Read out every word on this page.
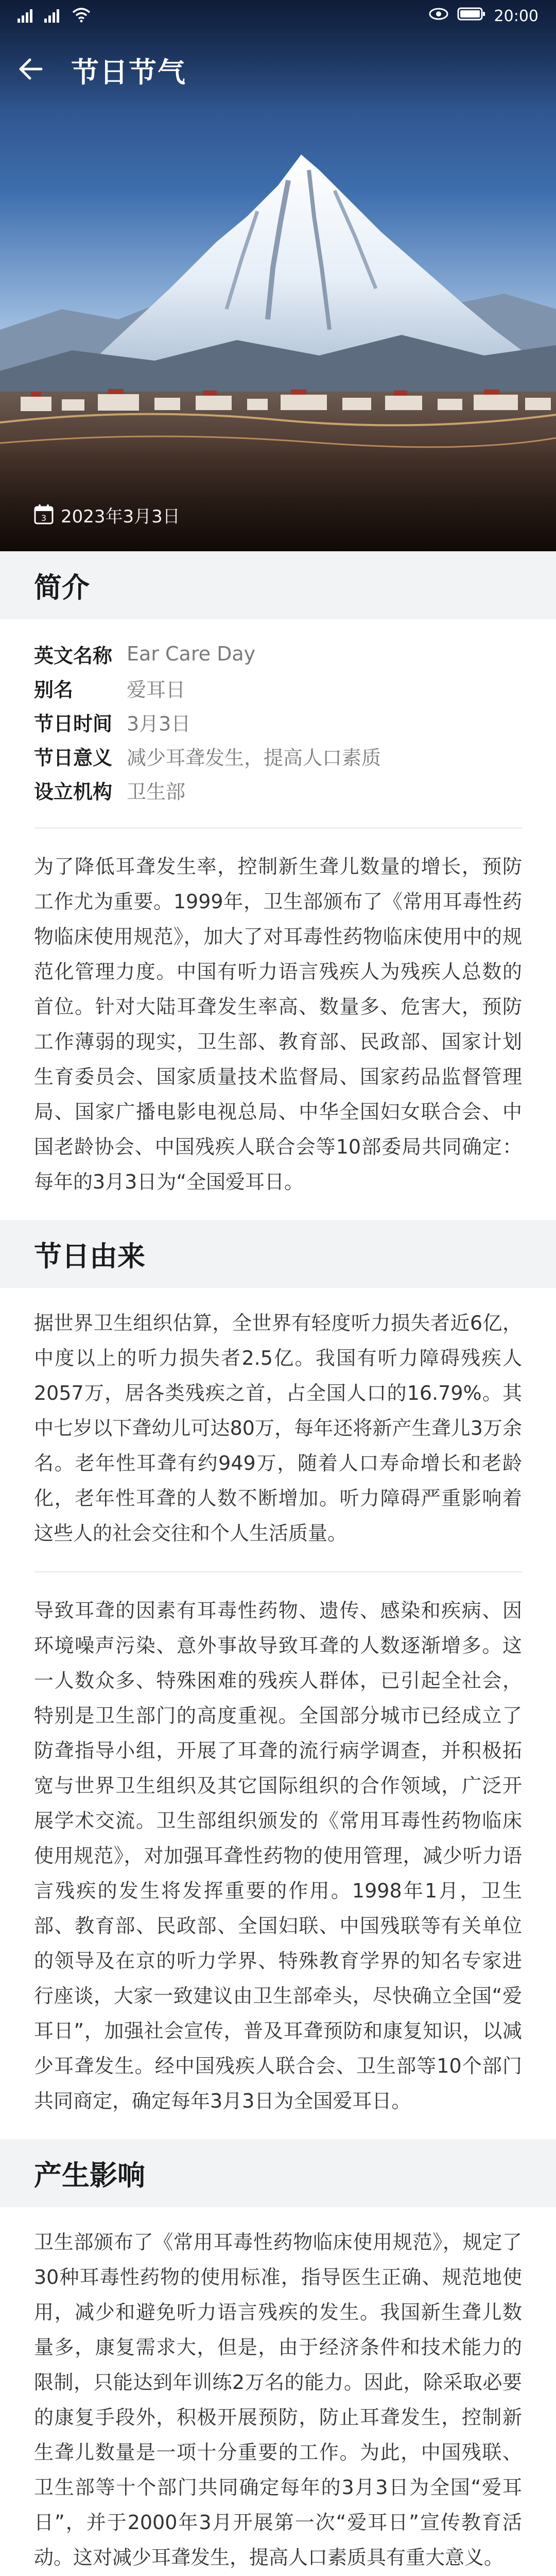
20:00
节日节气
3 2023年3月3日
简介
英文名称 Ear Care Day
别名	爱耳日
节日时间 3月3日
节日意义 减少耳聋发生，提高人口素质
设立机构 卫生部

为了降低耳聋发生率，控制新生聋儿数量的增长，预防工作尤为重要。1999年，卫生部颁布了《常用耳毒性药物临床使用规范》，加大了对耳毒性药物临床使用中的规范化管理力度。中国有听力语言残疾人为残疾人总数的首位。针对大陆耳聋发生率高、数量多、危害大，预防工作薄弱的现实，卫生部、教育部、民政部、国家计划生育委员会、国家质量技术监督局、国家药品监督管理局、国家广播电影电视总局、中华全国妇女联合会、中国老龄协会、中国残疾人联合会等10部委局共同确定：每年的3月3日为“全国爱耳日。

节日由来

据世界卫生组织估算，全世界有轻度听力损失者近6亿，中度以上的听力损失者2.5亿。我国有听力障碍残疾人2057万，居各类残疾之首，占全国人口的16.79%。其中七岁以下聋幼儿可达80万，每年还将新产生聋儿3万余名。老年性耳聋有约949万，随着人口寿命增长和老龄化，老年性耳聋的人数不断增加。听力障碍严重影响着这些人的社会交往和个人生活质量。

导致耳聋的因素有耳毒性药物、遗传、感染和疾病、因环境噪声污染、意外事故导致耳聋的人数逐渐增多。这一人数众多、特殊困难的残疾人群体，已引起全社会，特别是卫生部门的高度重视。全国部分城市已经成立了防聋指导小组，开展了耳聋的流行病学调查，并积极拓宽与世界卫生组织及其它国际组织的合作领域，广泛开展学术交流。卫生部组织颁发的《常用耳毒性药物临床使用规范》，对加强耳聋性药物的使用管理，减少听力语言残疾的发生将发挥重要的作用。1998年1月，卫生部、教育部、民政部、全国妇联、中国残联等有关单位的领导及在京的听力学界、特殊教育学界的知名专家进行座谈，大家一致建议由卫生部牵头，尽快确立全国“爱耳日”，加强社会宣传，普及耳聋预防和康复知识，以减少耳聋发生。经中国残疾人联合会、卫生部等10个部门共同商定，确定每年3月3日为全国爱耳日。

产生影响

卫生部颁布了《常用耳毒性药物临床使用规范》，规定了30种耳毒性药物的使用标准，指导医生正确、规范地使用，减少和避免听力语言残疾的发生。我国新生聋儿数量多，康复需求大，但是，由于经济条件和技术能力的限制，只能达到年训练2万名的能力。因此，除采取必要的康复手段外，积极开展预防，防止耳聋发生，控制新生聋儿数量是一项十分重要的工作。为此，中国残联、卫生部等十个部门共同确定每年的3月3日为全国“爱耳日”，并于2000年3月开展第一次“爱耳日”宣传教育活动。这对减少耳聋发生，提高人口素质具有重大意义。
